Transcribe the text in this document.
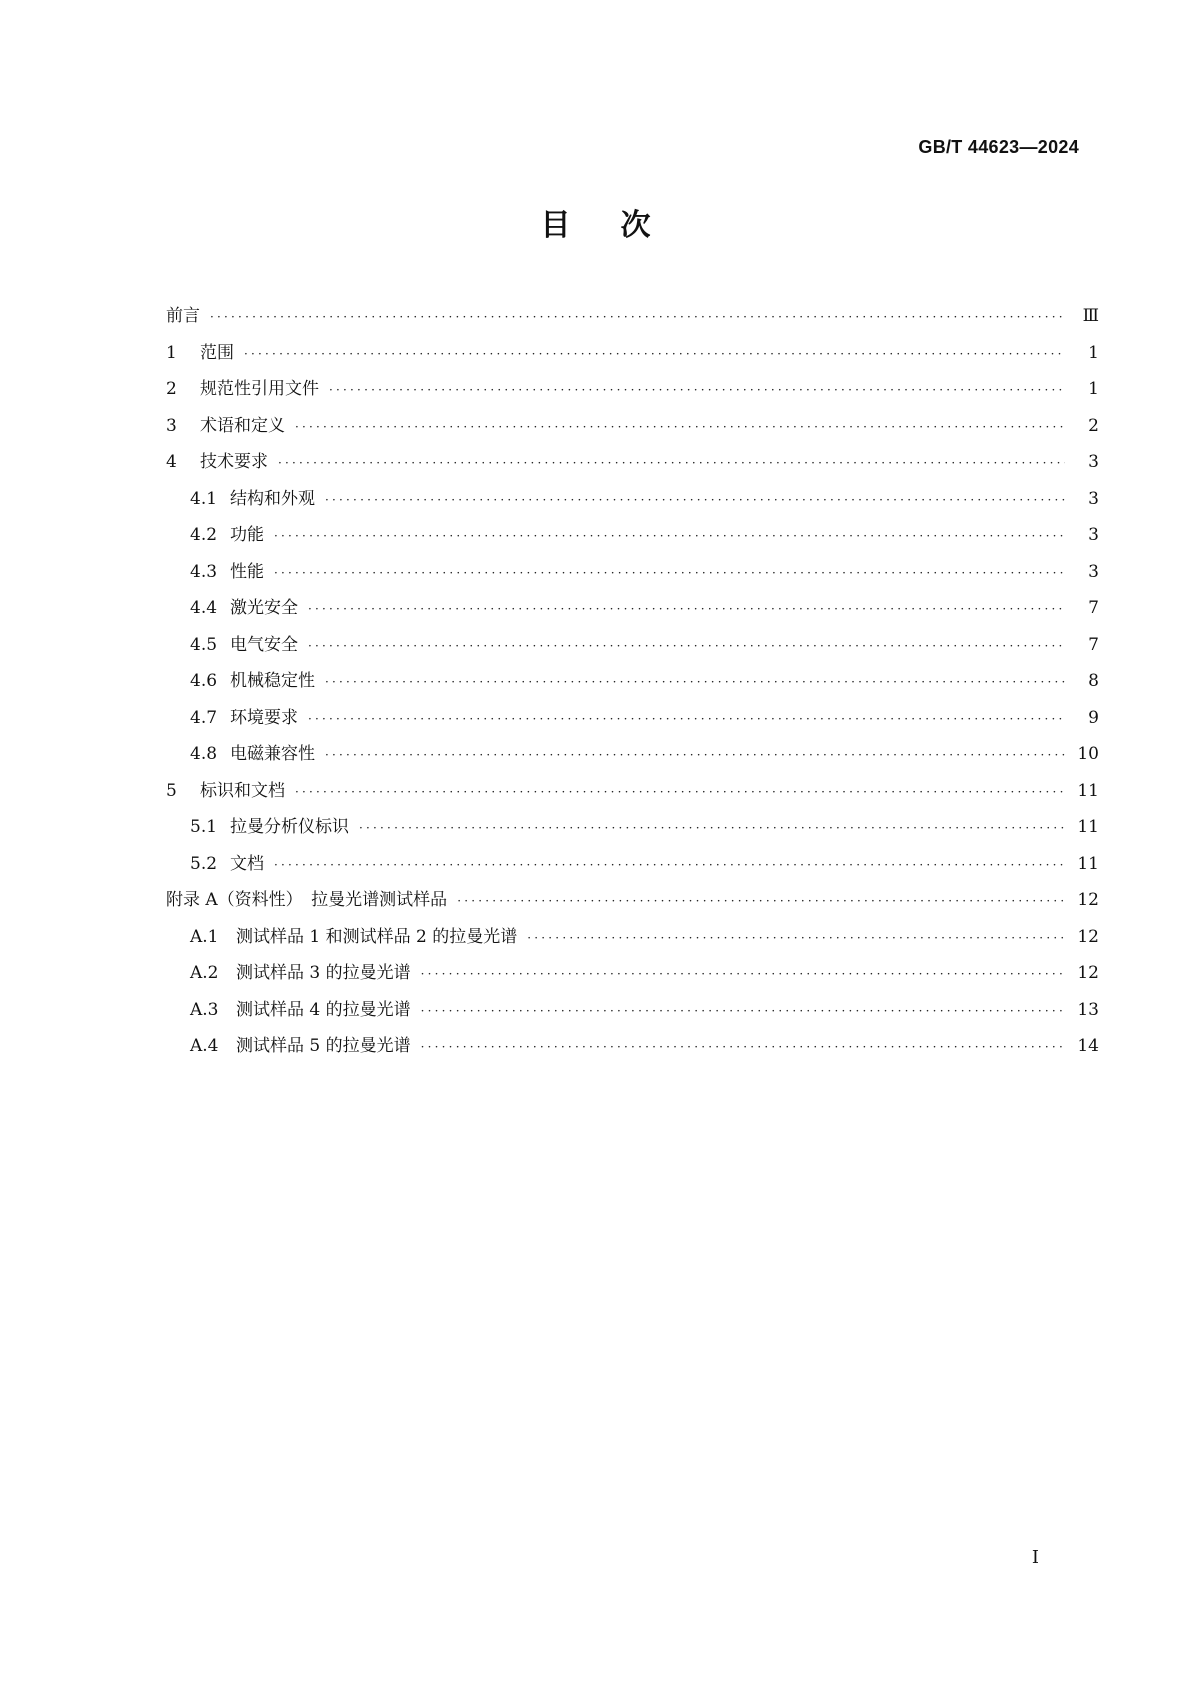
GB/T 44623—2024
目次
前言 ·····	Ⅲ
1	范围 ·····	1
2	规范性引用文件 ·····	1
3	术语和定义 ·····	2
4	技术要求 ·····	3
4.1 结构和外观 ·····	3
4.2 功能 ·····	3
4.3 性能 ·····	3
4.4 激光安全 ·····	7
4.5 电气安全 ·····	7
4.6 机械稳定性 ·····	8
4.7 环境要求 ·····	9
4.8 电磁兼容性 ·····	10
5	标识和文档 ·····	11
5.1 拉曼分析仪标识 ·····	11
5.2 文档 ·····	11
附录 A（资料性）　拉曼光谱测试样品 ·····	12
A.1	测试样品 1 和测试样品 2 的拉曼光谱 ·····	12
A.2	测试样品 3 的拉曼光谱 ·····	12
A.3	测试样品 4 的拉曼光谱 ·····	13
A.4	测试样品 5 的拉曼光谱 ·····	14
I
